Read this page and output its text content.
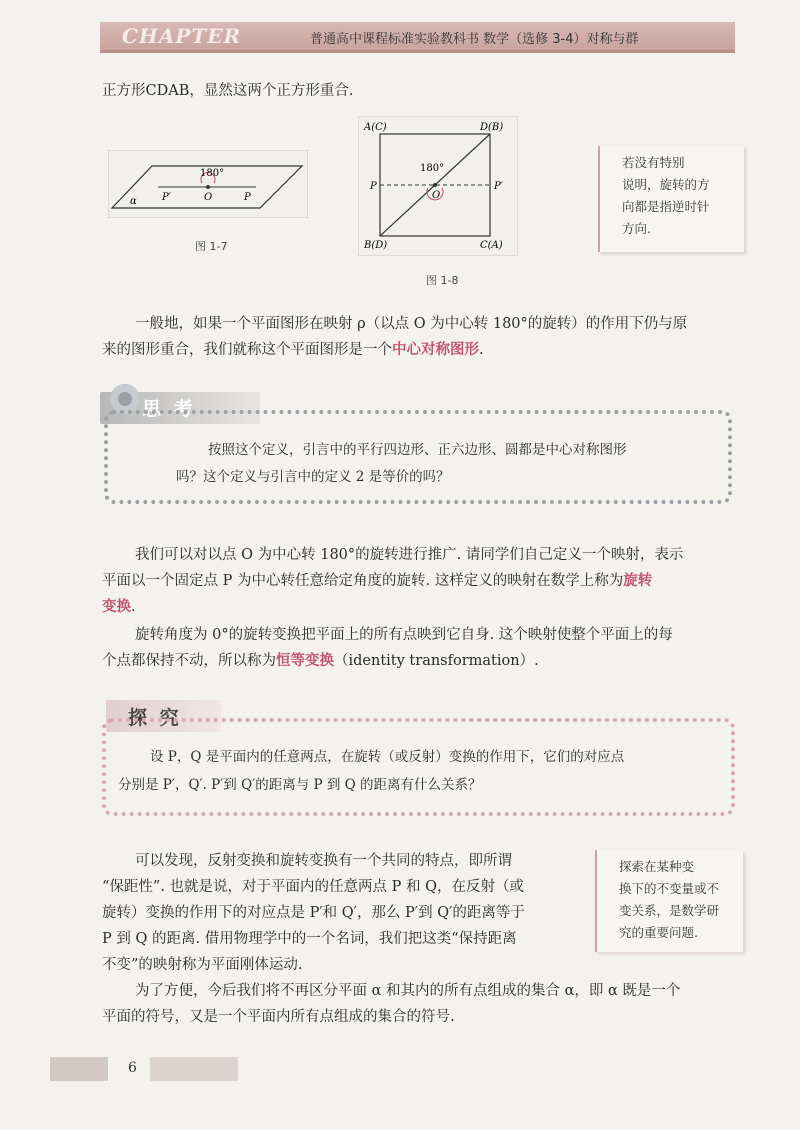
CHAPTER	普通高中课程标准实验教科书 数学（选修 3-4）对称与群
正方形CDAB，显然这两个正方形重合.
180°
α	P′	O	P
图 1-7
A(C)	D(B)
B(D)	C(A)
180°
P	P′
O
图 1-8
若没有特别
说明，旋转的方
向都是指逆时针
方向.
一般地，如果一个平面图形在映射 ρ（以点 O 为中心转 180°的旋转）的作用下仍与原
来的图形重合，我们就称这个平面图形是一个中心对称图形.
思 考
按照这个定义，引言中的平行四边形、正六边形、圆都是中心对称图形
吗？这个定义与引言中的定义 2 是等价的吗？
我们可以对以点 O 为中心转 180°的旋转进行推广. 请同学们自己定义一个映射，表示
平面以一个固定点 P 为中心转任意给定角度的旋转. 这样定义的映射在数学上称为旋转
变换.
旋转角度为 0°的旋转变换把平面上的所有点映到它自身. 这个映射使整个平面上的每
个点都保持不动，所以称为恒等变换（identity transformation）.
探 究
设 P，Q 是平面内的任意两点，在旋转（或反射）变换的作用下，它们的对应点
分别是 P′，Q′. P′到 Q′的距离与 P 到 Q 的距离有什么关系？
可以发现，反射变换和旋转变换有一个共同的特点，即所谓
“保距性”. 也就是说，对于平面内的任意两点 P 和 Q，在反射（或
旋转）变换的作用下的对应点是 P′和 Q′，那么 P′到 Q′的距离等于
P 到 Q 的距离. 借用物理学中的一个名词，我们把这类“保持距离
不变”的映射称为平面刚体运动.
探索在某种变
换下的不变量或不
变关系，是数学研
究的重要问题.
为了方便，今后我们将不再区分平面 α 和其内的所有点组成的集合 α，即 α 既是一个
平面的符号，又是一个平面内所有点组成的集合的符号.
6
